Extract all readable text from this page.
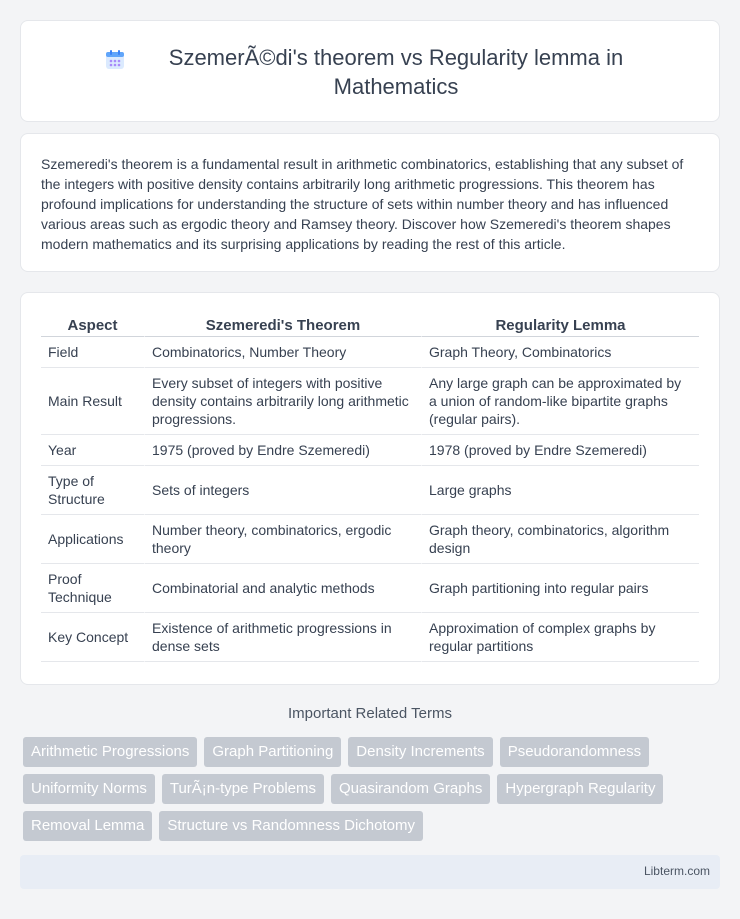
SzemerÃ©di's theorem vs Regularity lemma in Mathematics

Szemeredi's theorem is a fundamental result in arithmetic combinatorics, establishing that any subset of the integers with positive density contains arbitrarily long arithmetic progressions. This theorem has profound implications for understanding the structure of sets within number theory and has influenced various areas such as ergodic theory and Ramsey theory. Discover how Szemeredi's theorem shapes modern mathematics and its surprising applications by reading the rest of this article.

Aspect	Szemeredi's Theorem	Regularity Lemma
Field	Combinatorics, Number Theory	Graph Theory, Combinatorics
Main Result	Every subset of integers with positive density contains arbitrarily long arithmetic progressions.	Any large graph can be approximated by a union of random-like bipartite graphs (regular pairs).
Year	1975 (proved by Endre Szemeredi)	1978 (proved by Endre Szemeredi)
Type of Structure	Sets of integers	Large graphs
Applications	Number theory, combinatorics, ergodic theory	Graph theory, combinatorics, algorithm design
Proof Technique	Combinatorial and analytic methods	Graph partitioning into regular pairs
Key Concept	Existence of arithmetic progressions in dense sets	Approximation of complex graphs by regular partitions
Important Related Terms
Arithmetic Progressions	Graph Partitioning	Density Increments	Pseudorandomness
Uniformity Norms	TurÃ¡n-type Problems	Quasirandom Graphs	Hypergraph Regularity
Removal Lemma	Structure vs Randomness Dichotomy
Libterm.com
